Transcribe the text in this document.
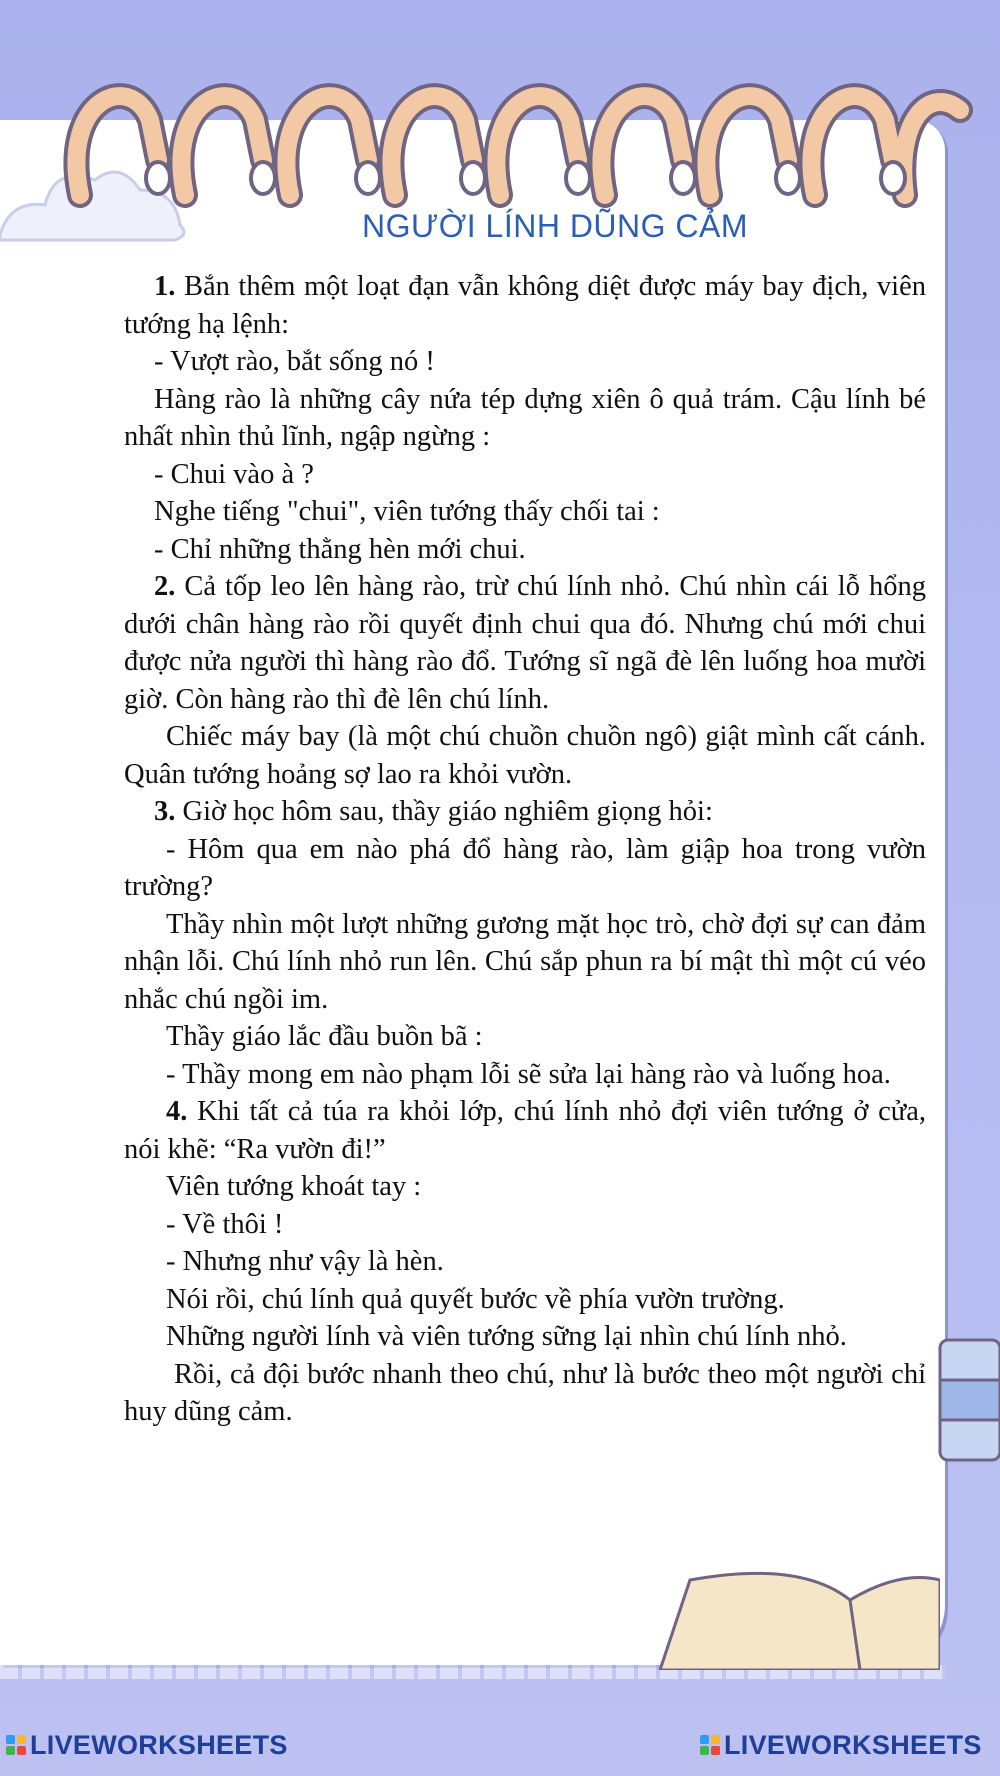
NGƯỜI LÍNH DŨNG CẢM

1. Bắn thêm một loạt đạn vẫn không diệt được máy bay địch, viên tướng hạ lệnh:

- Vượt rào, bắt sống nó !

Hàng rào là những cây nứa tép dựng xiên ô quả trám. Cậu lính bé nhất nhìn thủ lĩnh, ngập ngừng :

- Chui vào à ?

Nghe tiếng "chui", viên tướng thấy chối tai :

- Chỉ những thằng hèn mới chui.

2. Cả tốp leo lên hàng rào, trừ chú lính nhỏ. Chú nhìn cái lỗ hổng dưới chân hàng rào rồi quyết định chui qua đó. Nhưng chú mới chui được nửa người thì hàng rào đổ. Tướng sĩ ngã đè lên luống hoa mười giờ. Còn hàng rào thì đè lên chú lính.

Chiếc máy bay (là một chú chuồn chuồn ngô) giật mình cất cánh. Quân tướng hoảng sợ lao ra khỏi vườn.

3. Giờ học hôm sau, thầy giáo nghiêm giọng hỏi:

- Hôm qua em nào phá đổ hàng rào, làm giập hoa trong vườn trường?

Thầy nhìn một lượt những gương mặt học trò, chờ đợi sự can đảm nhận lỗi. Chú lính nhỏ run lên. Chú sắp phun ra bí mật thì một cú véo nhắc chú ngồi im.

Thầy giáo lắc đầu buồn bã :

- Thầy mong em nào phạm lỗi sẽ sửa lại hàng rào và luống hoa.

4. Khi tất cả túa ra khỏi lớp, chú lính nhỏ đợi viên tướng ở cửa, nói khẽ: “Ra vườn đi!”

Viên tướng khoát tay :

- Về thôi !

- Nhưng như vậy là hèn.

Nói rồi, chú lính quả quyết bước về phía vườn trường.

Những người lính và viên tướng sững lại nhìn chú lính nhỏ.

Rồi, cả đội bước nhanh theo chú, như là bước theo một người chỉ huy dũng cảm.

LIVEWORKSHEETS	LIVEWORKSHEETS
